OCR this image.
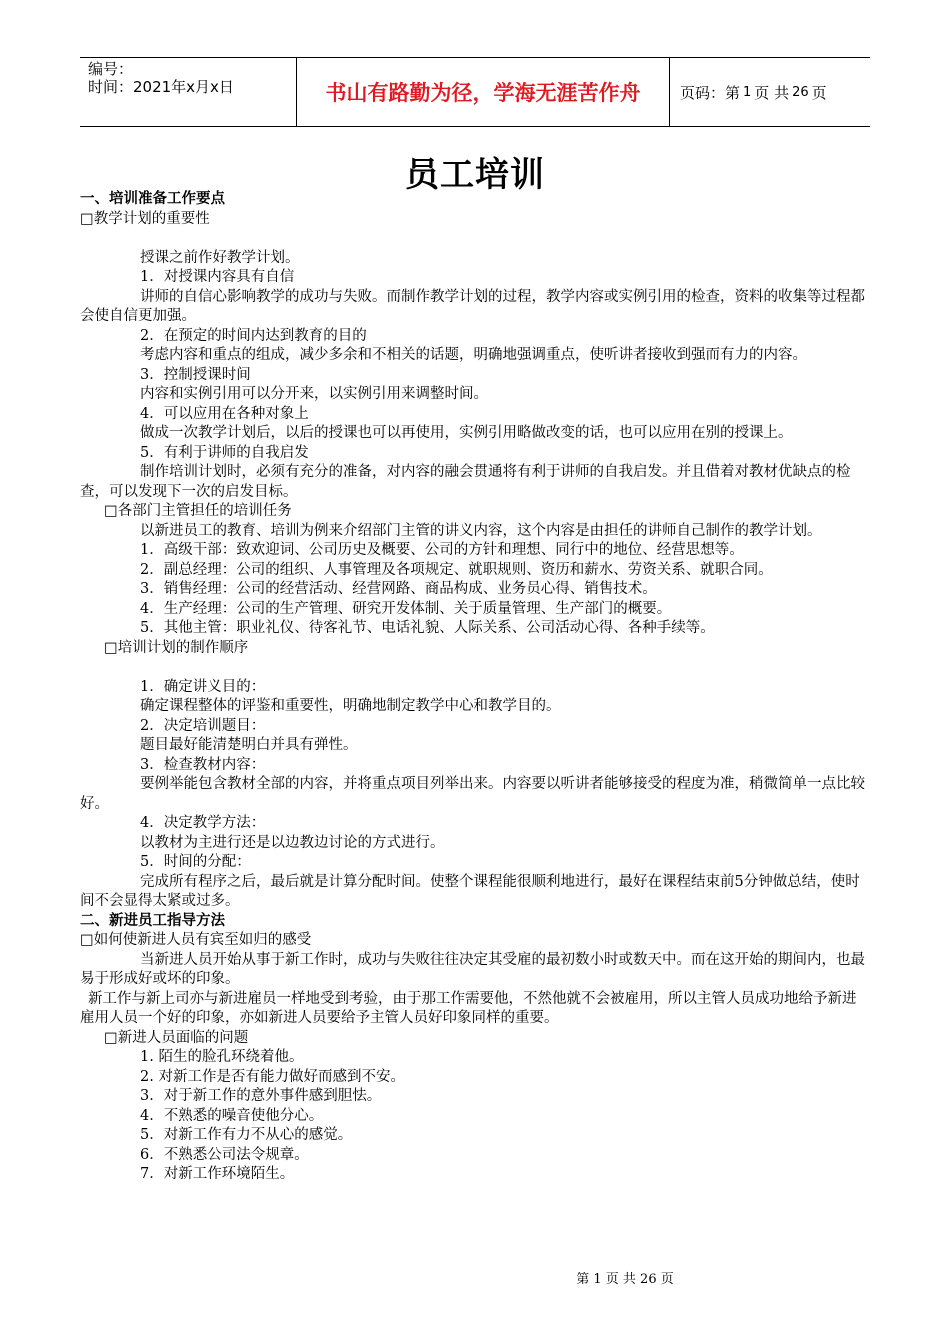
编号：
时间：2021年x月x日	书山有路勤为径，学海无涯苦作舟	页码：第 1 页 共 26 页
员工培训

一、培训准备工作要点

□教学计划的重要性

授课之前作好教学计划。

1．对授课内容具有自信

讲师的自信心影响教学的成功与失败。而制作教学计划的过程，教学内容或实例引用的检查，资料的收集等过程都会使自信更加强。

2．在预定的时间内达到教育的目的

考虑内容和重点的组成，减少多余和不相关的话题，明确地强调重点，使听讲者接收到强而有力的内容。

3．控制授课时间

内容和实例引用可以分开来，以实例引用来调整时间。

4．可以应用在各种对象上

做成一次教学计划后，以后的授课也可以再使用，实例引用略做改变的话，也可以应用在别的授课上。

5．有利于讲师的自我启发

制作培训计划时，必须有充分的准备，对内容的融会贯通将有利于讲师的自我启发。并且借着对教材优缺点的检查，可以发现下一次的启发目标。

□各部门主管担任的培训任务

以新进员工的教育、培训为例来介绍部门主管的讲义内容，这个内容是由担任的讲师自己制作的教学计划。

1．高级干部：致欢迎词、公司历史及概要、公司的方针和理想、同行中的地位、经营思想等。

2．副总经理：公司的组织、人事管理及各项规定、就职规则、资历和薪水、劳资关系、就职合同。

3．销售经理：公司的经营活动、经营网路、商品构成、业务员心得、销售技术。

4．生产经理：公司的生产管理、研究开发体制、关于质量管理、生产部门的概要。

5．其他主管：职业礼仪、待客礼节、电话礼貌、人际关系、公司活动心得、各种手续等。

□培训计划的制作顺序

1．确定讲义目的：

确定课程整体的评鉴和重要性，明确地制定教学中心和教学目的。

2．决定培训题目：

题目最好能清楚明白并具有弹性。

3．检查教材内容：

要例举能包含教材全部的内容，并将重点项目列举出来。内容要以听讲者能够接受的程度为准，稍微简单一点比较好。

4．决定教学方法：

以教材为主进行还是以边教边讨论的方式进行。

5．时间的分配：

完成所有程序之后，最后就是计算分配时间。使整个课程能很顺利地进行，最好在课程结束前5分钟做总结，使时间不会显得太紧或过多。

二、新进员工指导方法

□如何使新进人员有宾至如归的感受

当新进人员开始从事于新工作时，成功与失败往往决定其受雇的最初数小时或数天中。而在这开始的期间内，也最易于形成好或坏的印象。

新工作与新上司亦与新进雇员一样地受到考验，由于那工作需要他，不然他就不会被雇用，所以主管人员成功地给予新进雇用人员一个好的印象，亦如新进人员要给予主管人员好印象同样的重要。

□新进人员面临的问题

1. 陌生的脸孔环绕着他。

2. 对新工作是否有能力做好而感到不安。

3．对于新工作的意外事件感到胆怯。

4．不熟悉的噪音使他分心。

5．对新工作有力不从心的感觉。

6．不熟悉公司法令规章。

7．对新工作环境陌生。

第 1 页 共 26 页
